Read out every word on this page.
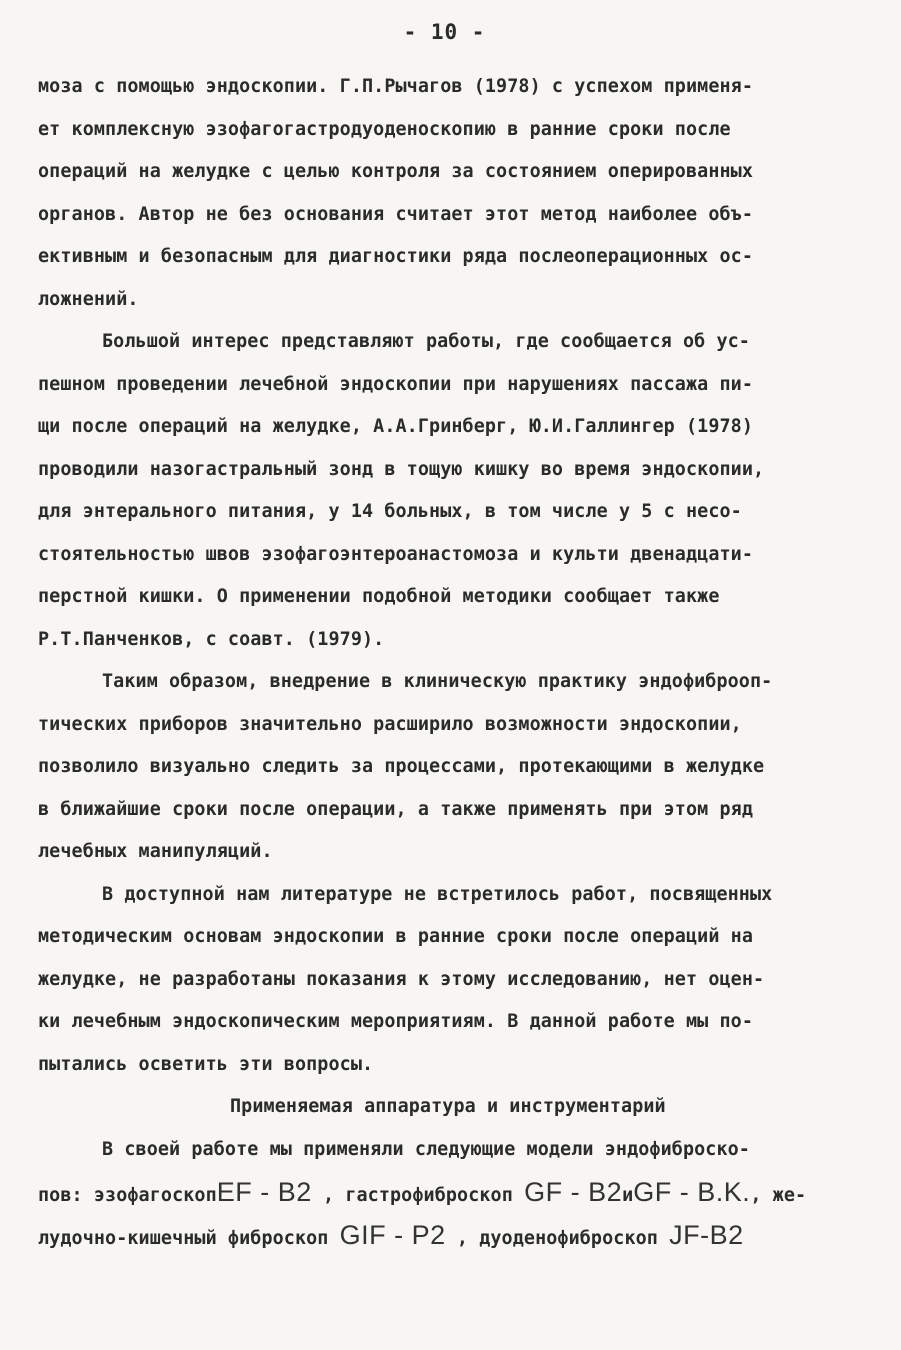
- 10 -
моза с помощью эндоскопии. Г.П.Рычагов (1978) с успехом применя-
ет комплексную эзофагогастродуоденоскопию в ранние сроки после
операций на желудке с целью контроля за состоянием оперированных
органов. Автор не без основания считает этот метод наиболее объ-
ективным и безопасным для диагностики ряда послеоперационных ос-
ложнений.
Большой интерес представляют работы, где сообщается об ус-
пешном проведении лечебной эндоскопии при нарушениях пассажа пи-
щи после операций на желудке, А.А.Гринберг, Ю.И.Галлингер (1978)
проводили назогастральный зонд в тощую кишку во время эндоскопии,
для энтерального питания, у 14 больных, в том числе у 5 с несо-
стоятельностью швов эзофагоэнтероанастомоза и культи двенадцати-
перстной кишки. О применении подобной методики сообщает также
Р.Т.Панченков, с соавт. (1979).
Таким образом, внедрение в клиническую практику эндофиброоп-
тических приборов значительно расширило возможности эндоскопии,
позволило визуально следить за процессами, протекающими в желудке
в ближайшие сроки после операции, а также применять при этом ряд
лечебных манипуляций.
В доступной нам литературе не встретилось работ, посвященных
методическим основам эндоскопии в ранние сроки после операций на
желудке, не разработаны показания к этому исследованию, нет оцен-
ки лечебным эндоскопическим мероприятиям. В данной работе мы по-
пытались осветить эти вопросы.
Применяемая аппаратура и инструментарий
В своей работе мы применяли следующие модели эндофиброско-
пов: эзофагоскопEF - B2 , гастрофиброскоп GF - B2иGF - B.K., же-
лудочно-кишечный фиброскоп GIF - P2 , дуоденофиброскоп JF-B2
